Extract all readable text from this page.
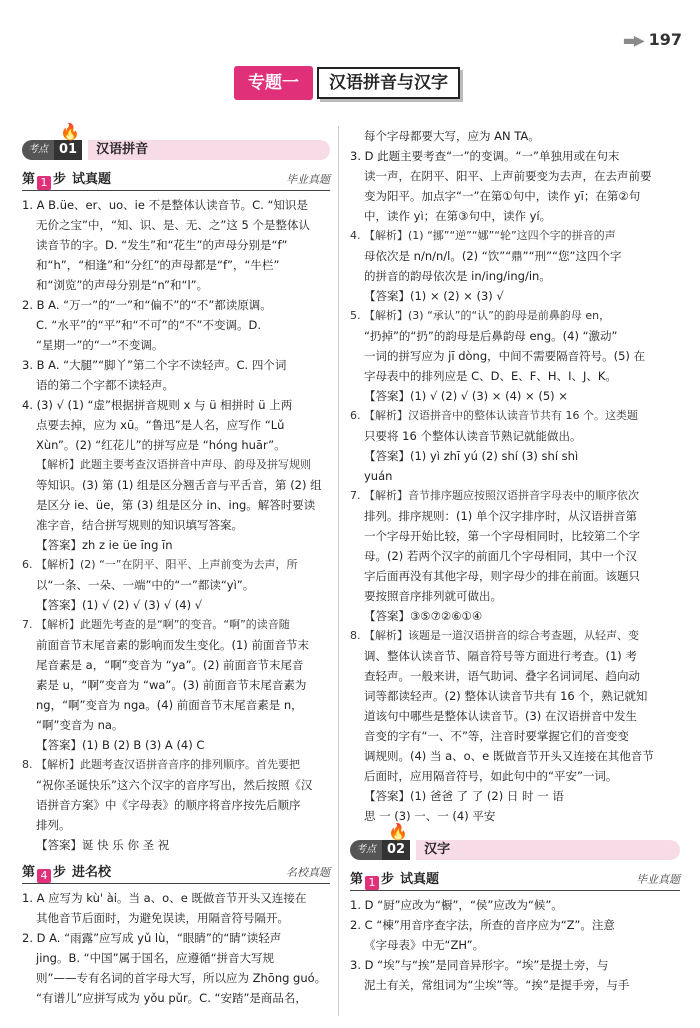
▬▶ 197
专题一	汉语拼音与汉字
考点 01
🔥
汉语拼音
第 1 步 试真题	毕业真题

1. A B.üe、er、uo、ie 不是整体认读音节。C. “知识是

无价之宝”中，“知、识、是、无、之”这 5 个是整体认

读音节的字。D. “发生”和“花生”的声母分别是“f”

和“h”，“相逢”和“分红”的声母都是“f”，“牛栏”

和“浏览”的声母分别是“n”和“l”。

2. B A. “万一”的“一”和“偏不”的“不”都读原调。

C. “水平”的“平”和“不可”的“不”不变调。D.

“星期一”的“一”不变调。

3. B A. “大腿”“脚丫”第二个字不读轻声。C. 四个词

语的第二个字都不读轻声。

4. (3) √ (1) “虚”根据拼音规则 x 与 ü 相拼时 ü 上两

点要去掉，应为 xū。“鲁迅”是人名，应写作 “Lǔ

Xùn”。(2) “红花儿”的拼写应是 “hóng huār”。

【解析】此题主要考查汉语拼音中声母、韵母及拼写规则

等知识。(3) 第 (1) 组是区分翘舌音与平舌音，第 (2) 组

是区分 ie、üe，第 (3) 组是区分 in、ing。解答时要读

准字音，结合拼写规则的知识填写答案。

【答案】zh z ie üe īng īn

6. 【解析】(2) “一”在阴平、阳平、上声前变为去声，所

以“一条、一朵、一端”中的“一”都读“yì”。

【答案】(1) √ (2) √ (3) √ (4) √

7. 【解析】此题先考查的是“啊”的变音。“啊”的读音随

前面音节末尾音素的影响而发生变化。(1) 前面音节末

尾音素是 a，“啊”变音为 “ya”。(2) 前面音节末尾音

素是 u，“啊”变音为 “wa”。(3) 前面音节末尾音素为

ng，“啊”变音为 nga。(4) 前面音节末尾音素是 n，

“啊”变音为 na。

【答案】(1) B (2) B (3) A (4) C

8. 【解析】此题考查汉语拼音音序的排列顺序。首先要把

“祝你圣诞快乐”这六个汉字的音序写出，然后按照《汉

语拼音方案》中《字母表》的顺序将音序按先后顺序

排列。

【答案】诞 快 乐 你 圣 祝

第 4 步 进名校	名校真题

1. A 应写为 kù' ài。当 a、o、e 既做音节开头又连接在

其他音节后面时，为避免误读，用隔音符号隔开。

2. D A. “雨露”应写成 yǔ lù，“眼睛”的“睛”读轻声

jing。B. “中国”属于国名，应遵循“拼音大写规

则”——专有名词的首字母大写，所以应为 Zhōng guó。

“有谱儿”应拼写成为 yǒu pǔr。C. “安踏”是商品名，

每个字母都要大写，应为 AN TA。

3. D 此题主要考查“一”的变调。“一”单独用或在句末

读一声，在阴平、阳平、上声前要变为去声，在去声前要

变为阳平。加点字“一”在第①句中，读作 yī；在第②句

中，读作 yì；在第③句中，读作 yí。

4. 【解析】(1) “挪”“逆”“娜”“轮”这四个字的拼音的声

母依次是 n/n/n/l。(2) “饮”“鼎”“刑”“您”这四个字

的拼音的韵母依次是 in/ing/ing/in。

【答案】(1) × (2) × (3) √

5. 【解析】(3) “承认”的“认”的韵母是前鼻韵母 en，

“扔掉”的“扔”的韵母是后鼻韵母 eng。(4) “激动”

一词的拼写应为 jī dòng，中间不需要隔音符号。(5) 在

字母表中的排列应是 C、D、E、F、H、I、J、K。

【答案】(1) √ (2) √ (3) × (4) × (5) ×

6. 【解析】汉语拼音中的整体认读音节共有 16 个。这类题

只要将 16 个整体认读音节熟记就能做出。

【答案】(1) yì zhī yú (2) shí (3) shí shì

yuán

7. 【解析】音节排序题应按照汉语拼音字母表中的顺序依次

排列。排序规则：(1) 单个汉字排序时，从汉语拼音第

一个字母开始比较，第一个字母相同时，比较第二个字

母。(2) 若两个汉字的前面几个字母相同，其中一个汉

字后面再没有其他字母，则字母少的排在前面。该题只

要按照音序排列就可做出。

【答案】③⑤⑦②⑥①④

8. 【解析】该题是一道汉语拼音的综合考查题，从轻声、变

调、整体认读音节、隔音符号等方面进行考查。(1) 考

查轻声。一般来讲，语气助词、叠字名词词尾、趋向动

词等都读轻声。(2) 整体认读音节共有 16 个，熟记就知

道该句中哪些是整体认读音节。(3) 在汉语拼音中发生

音变的字有“一、不”等，注音时要掌握它们的音变变

调规则。(4) 当 a、o、e 既做音节开头又连接在其他音节

后面时，应用隔音符号，如此句中的“平安”一词。

【答案】(1) 爸爸 了 了 (2) 日 时 一 语

思 一 (3) 一、一 (4) 平安

考点 02
🔥
汉字
第 1 步 试真题	毕业真题

1. D “厨”应改为“橱”，“侯”应改为“候”。

2. C “棟”用音序查字法，所查的音序应为“Z”。注意

《字母表》中无“ZH”。

3. D “埃”与“挨”是同音异形字。“埃”是提土旁，与

泥土有关，常组词为“尘埃”等。“挨”是提手旁，与手
